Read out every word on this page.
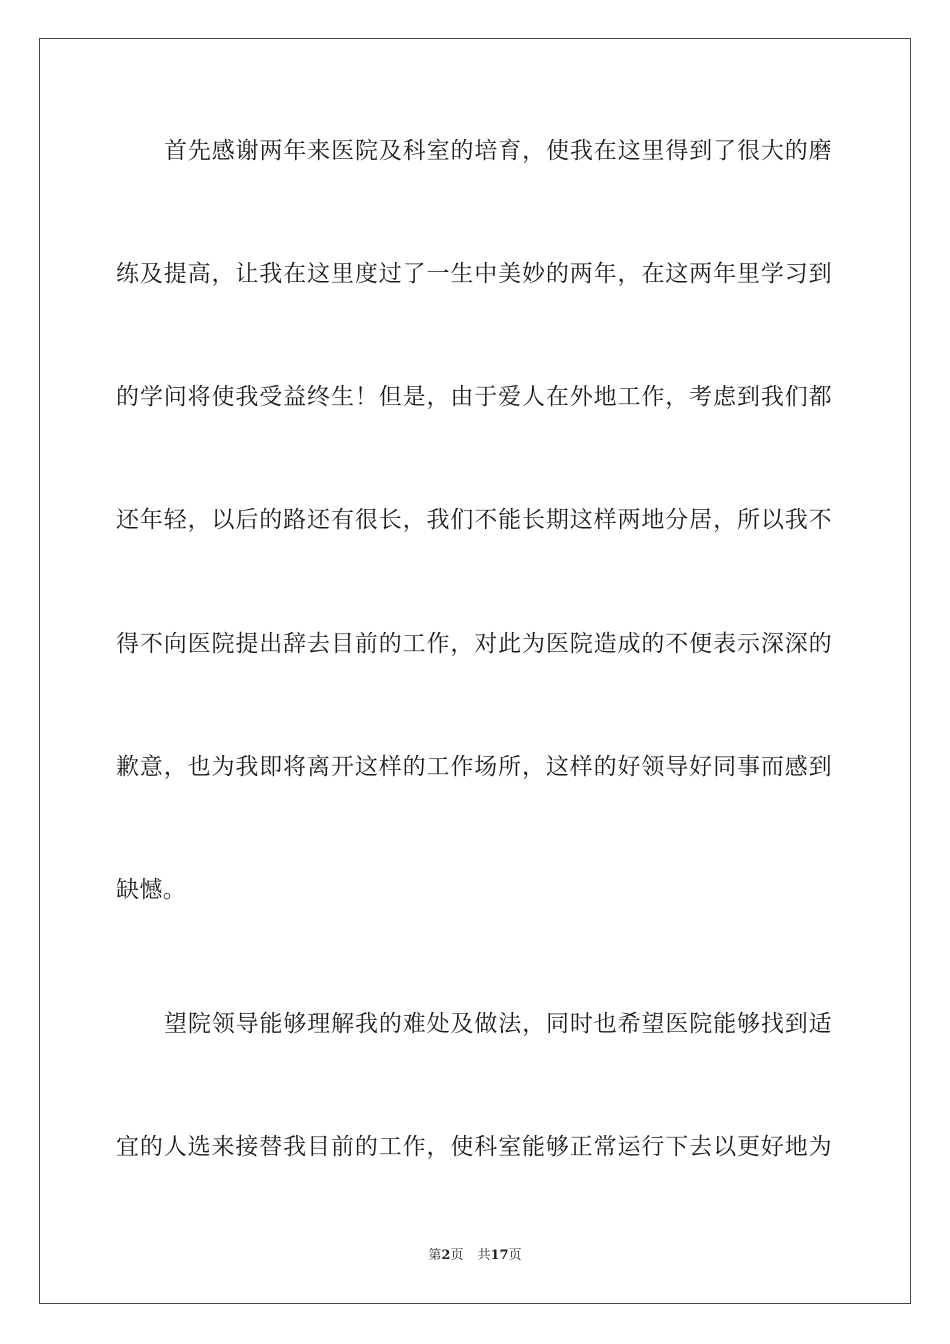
首先感谢两年来医院及科室的培育，使我在这里得到了很大的磨
练及提高，让我在这里度过了一生中美妙的两年，在这两年里学习到
的学问将使我受益终生！但是，由于爱人在外地工作，考虑到我们都
还年轻，以后的路还有很长，我们不能长期这样两地分居，所以我不
得不向医院提出辞去目前的工作，对此为医院造成的不便表示深深的
歉意，也为我即将离开这样的工作场所，这样的好领导好同事而感到
缺憾。
望院领导能够理解我的难处及做法，同时也希望医院能够找到适
宜的人选来接替我目前的工作，使科室能够正常运行下去以更好地为
第2页 共17页
